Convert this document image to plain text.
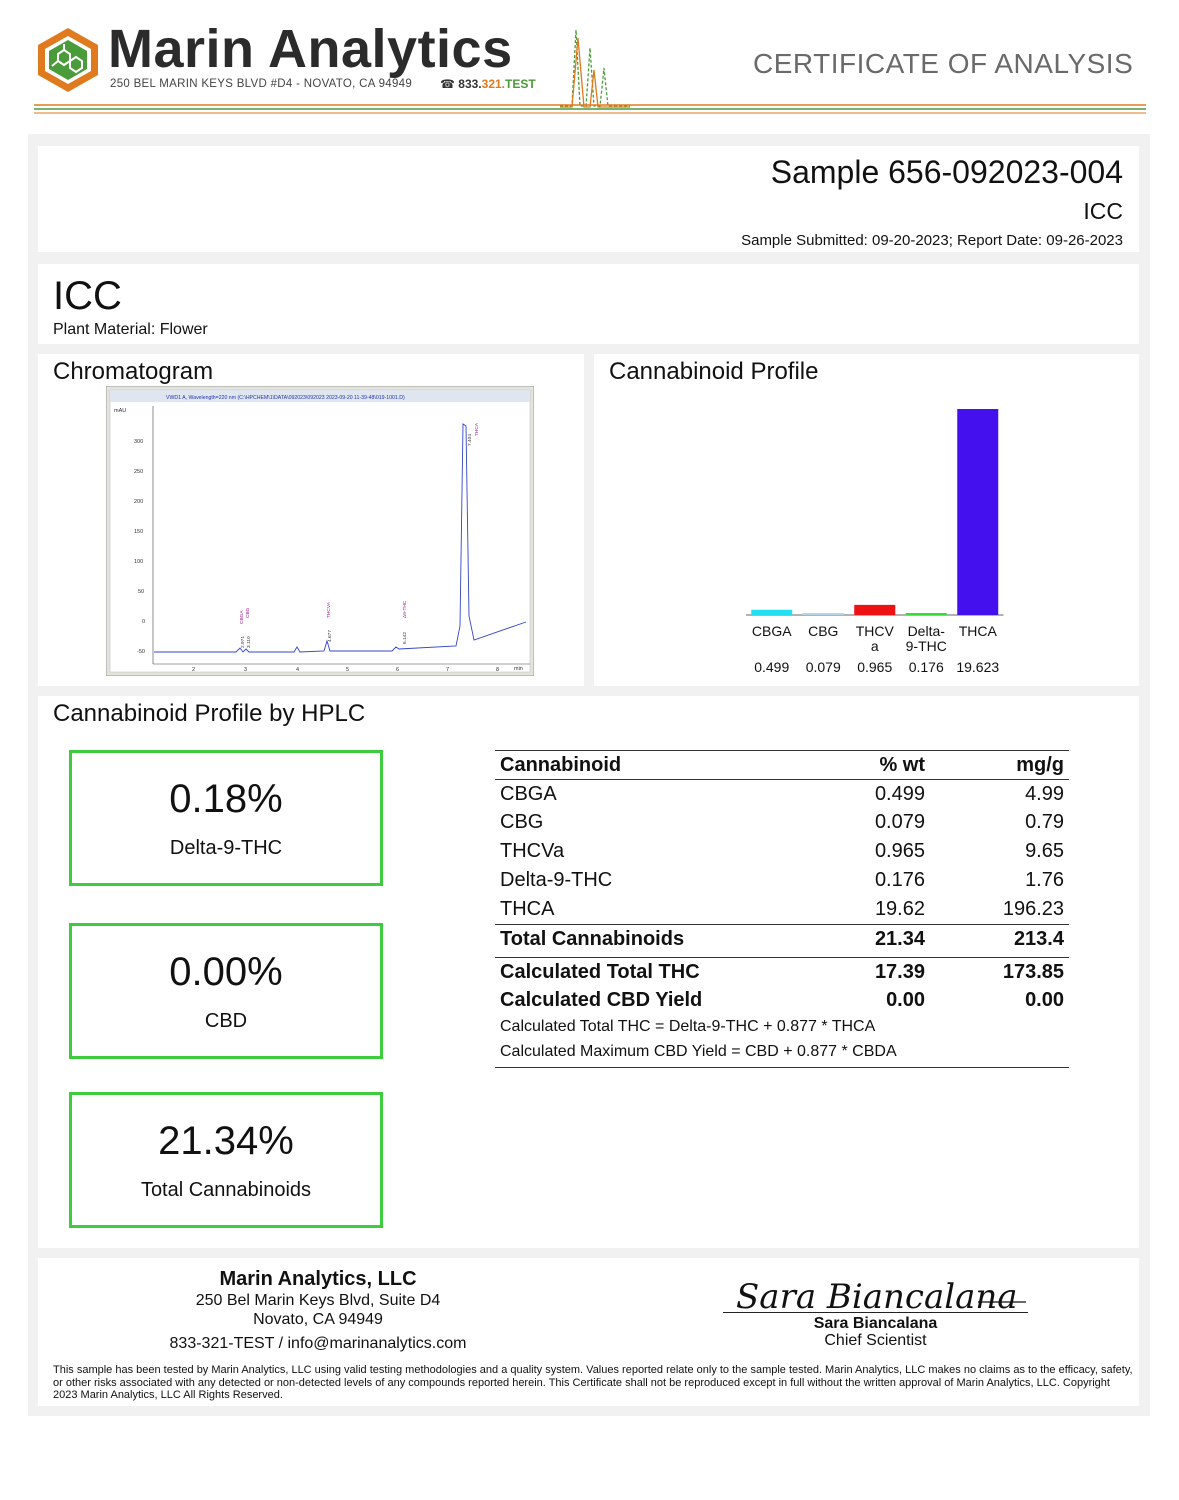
Marin Analytics
250 BEL MARIN KEYS BLVD #D4 - NOVATO, CA 94949 ☎ 833.321.TEST
CERTIFICATE OF ANALYSIS
Sample 656-092023-004
ICC
Sample Submitted: 09-20-2023; Report Date: 09-26-2023
ICC
Plant Material: Flower
Chromatogram
VWD1 A, Wavelength=220 nm (C:\HPCHEM\1\DATA\092023\092023 2023-09-20 11-39-48\019-1001.D)
mAU
min
300
250
200
150
100
50
0
-50
2	3	4	5	6	7	8
CBGA CBG	THCVA	Δ9-THC
THCA
2.971 3.110
4.677	6.142
7.404
Cannabinoid Profile
CBGA
0.499
CBG
0.079
THCV
a
0.965
Delta-
9-THC
0.176
THCA
19.623
Cannabinoid Profile by HPLC
0.18%
Delta-9-THC
0.00%
CBD
21.34%
Total Cannabinoids
Cannabinoid	% wt	mg/g
CBGA	0.499	4.99
CBG	0.079	0.79
THCVa	0.965	9.65
Delta-9-THC	0.176	1.76
THCA	19.62	196.23
Total Cannabinoids	21.34	213.4
Calculated Total THC	17.39	173.85
Calculated CBD Yield	0.00	0.00
Calculated Total THC = Delta-9-THC + 0.877 * THCA
Calculated Maximum CBD Yield = CBD + 0.877 * CBDA
Marin Analytics, LLC
250 Bel Marin Keys Blvd, Suite D4
Novato, CA 94949
833-321-TEST / info@marinanalytics.com
Sara Biancalana
Sara Biancalana
Chief Scientist
This sample has been tested by Marin Analytics, LLC using valid testing methodologies and a quality system. Values reported relate only to the sample tested. Marin Analytics, LLC makes no claims as to the efficacy, safety, or other risks associated with any detected or non-detected levels of any compounds reported herein. This Certificate shall not be reproduced except in full without the written approval of Marin Analytics, LLC. Copyright 2023 Marin Analytics, LLC All Rights Reserved.
